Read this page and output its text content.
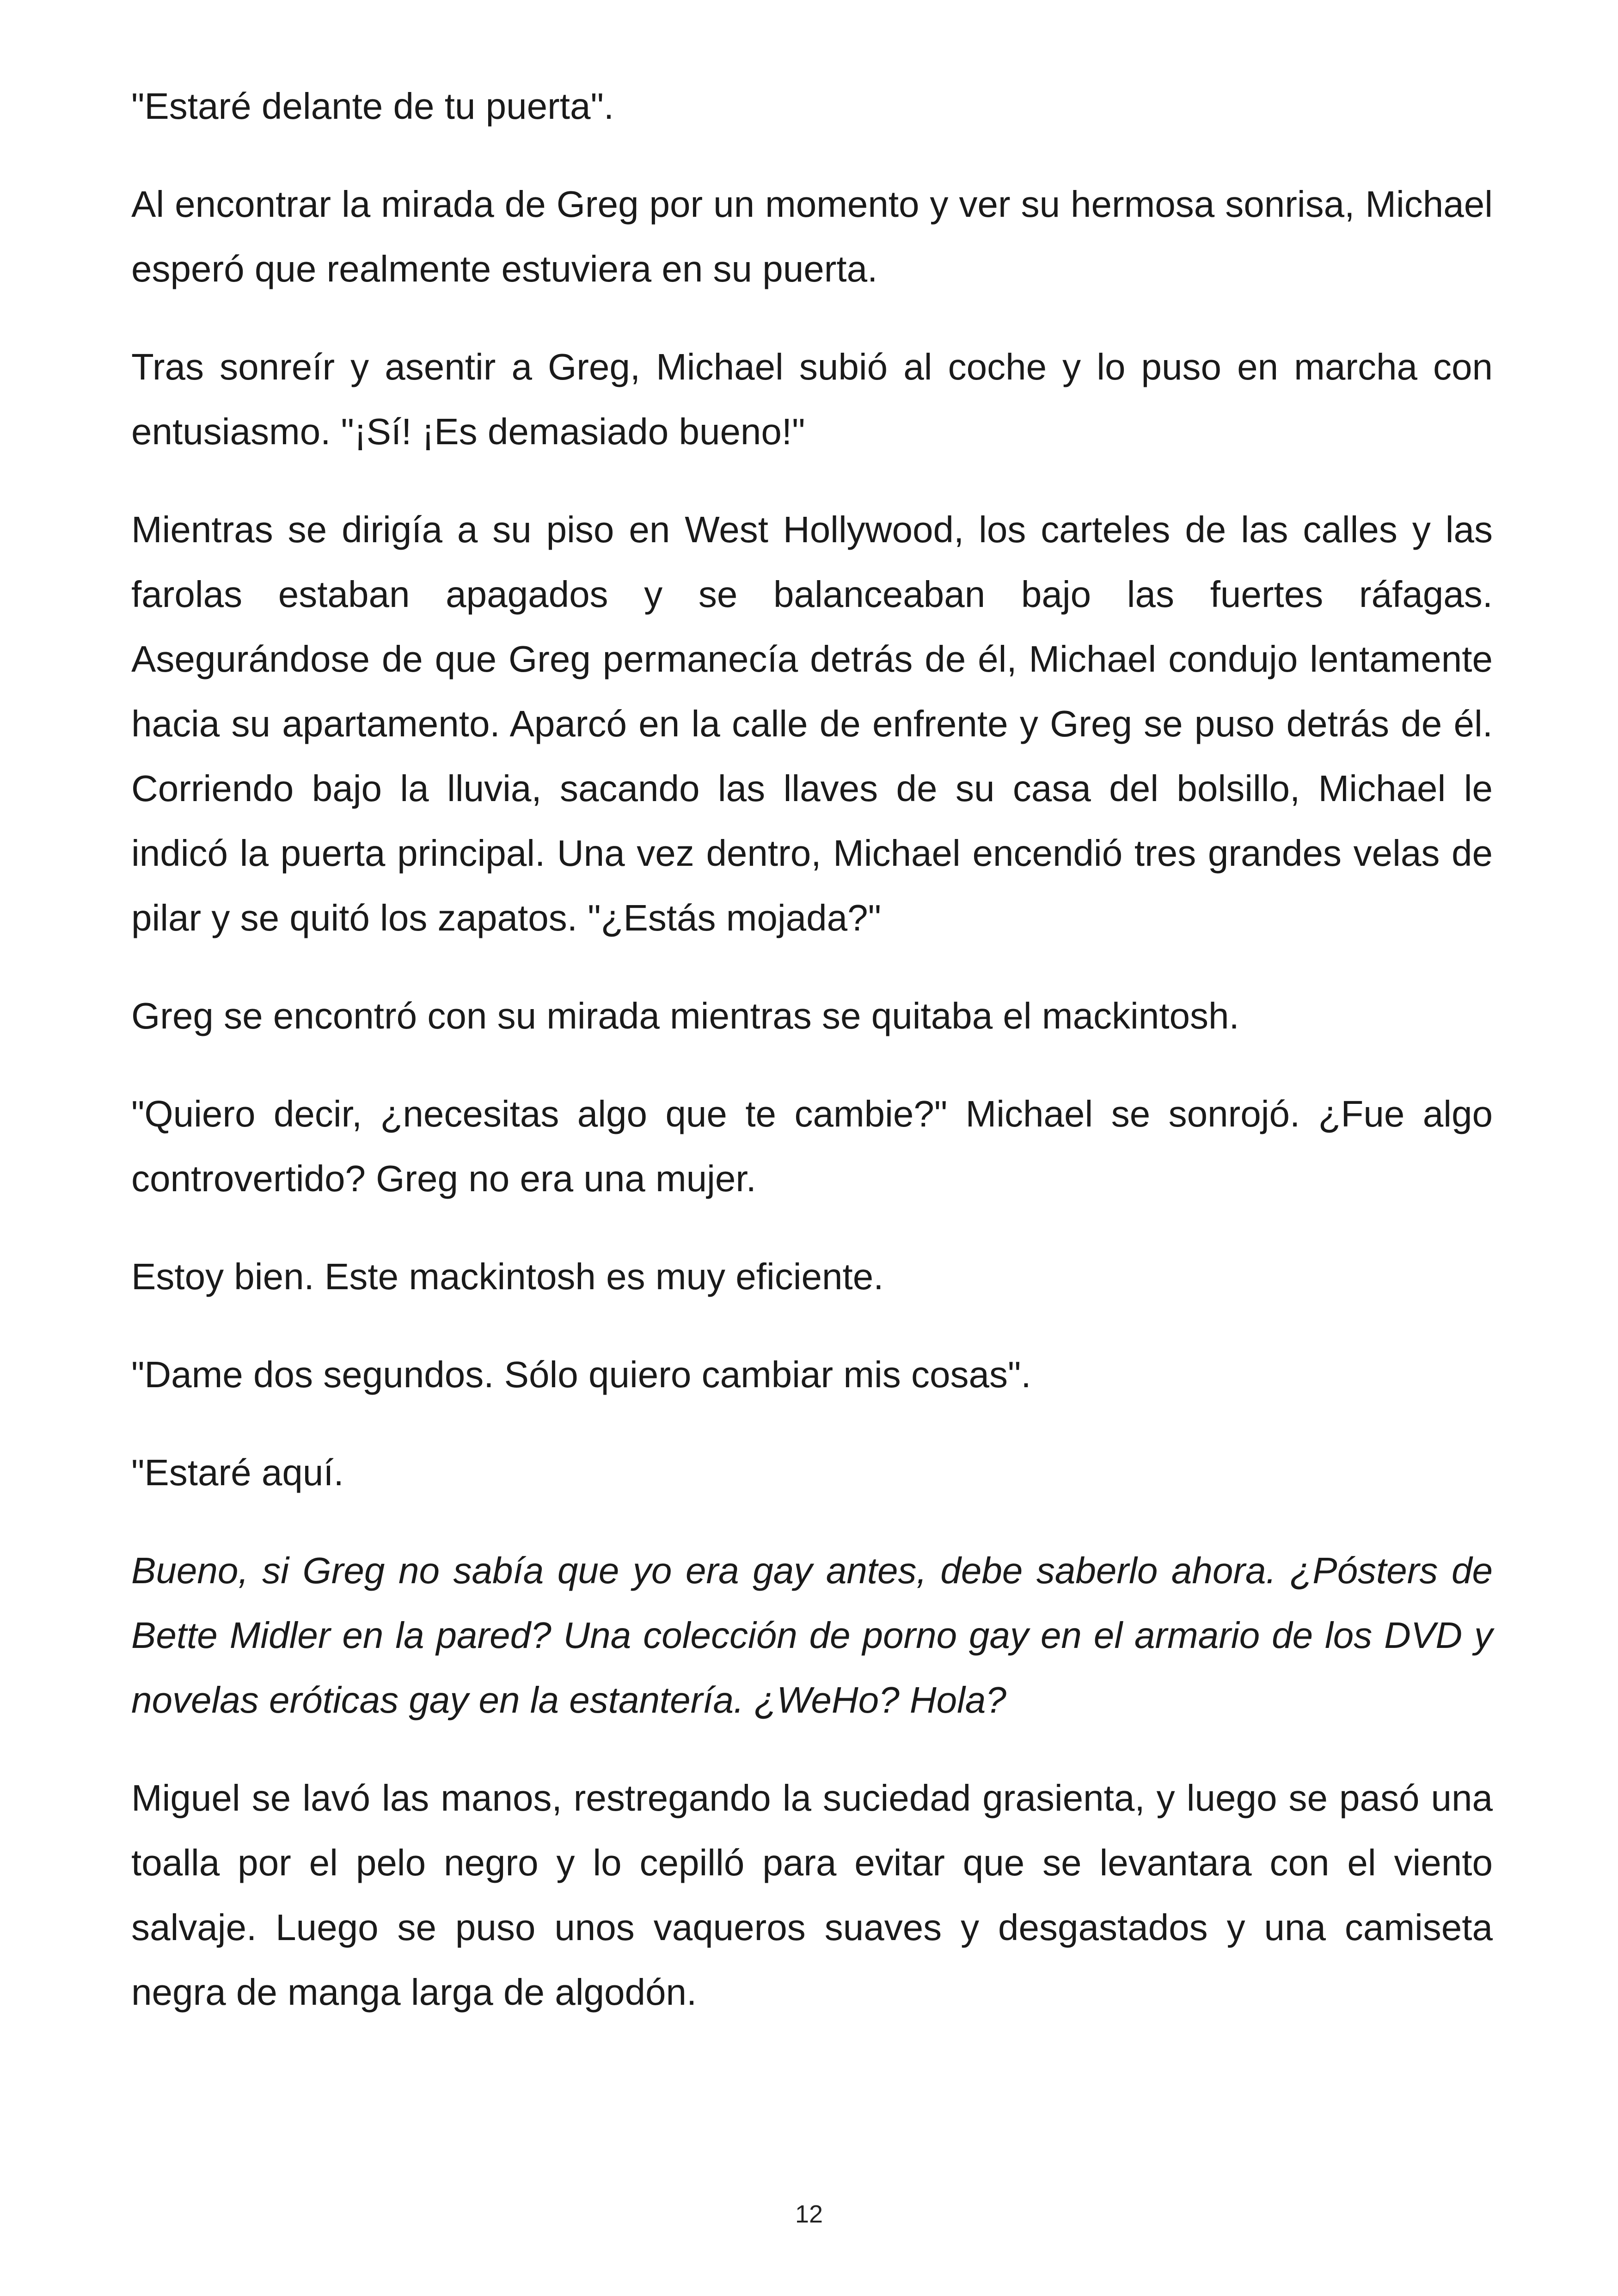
"Estaré delante de tu puerta".

Al encontrar la mirada de Greg por un momento y ver su hermosa sonrisa, Michael esperó que realmente estuviera en su puerta.

Tras sonreír y asentir a Greg, Michael subió al coche y lo puso en marcha con entusiasmo. "¡Sí! ¡Es demasiado bueno!"

Mientras se dirigía a su piso en West Hollywood, los carteles de las calles y las farolas estaban apagados y se balanceaban bajo las fuertes ráfagas. Asegurándose de que Greg permanecía detrás de él, Michael condujo lentamente hacia su apartamento. Aparcó en la calle de enfrente y Greg se puso detrás de él. Corriendo bajo la lluvia, sacando las llaves de su casa del bolsillo, Michael le indicó la puerta principal. Una vez dentro, Michael encendió tres grandes velas de pilar y se quitó los zapatos. "¿Estás mojada?"

Greg se encontró con su mirada mientras se quitaba el mackintosh.

"Quiero decir, ¿necesitas algo que te cambie?" Michael se sonrojó. ¿Fue algo controvertido? Greg no era una mujer.

Estoy bien. Este mackintosh es muy eficiente.

"Dame dos segundos. Sólo quiero cambiar mis cosas".

"Estaré aquí.

Bueno, si Greg no sabía que yo era gay antes, debe saberlo ahora. ¿Pósters de Bette Midler en la pared? Una colección de porno gay en el armario de los DVD y novelas eróticas gay en la estantería. ¿WeHo? Hola?

Miguel se lavó las manos, restregando la suciedad grasienta, y luego se pasó una toalla por el pelo negro y lo cepilló para evitar que se levantara con el viento salvaje. Luego se puso unos vaqueros suaves y desgastados y una camiseta negra de manga larga de algodón.

12
